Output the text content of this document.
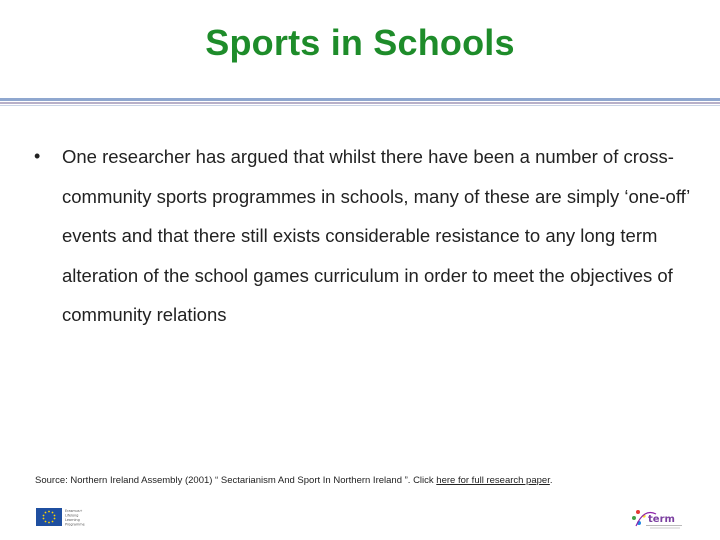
Sports in Schools
• One researcher has argued that whilst there have been a number of cross-community sports programmes in schools, many of these are simply ‘one-off’ events and that there still exists considerable resistance to any long term alteration of the school games curriculum in order to meet the objectives of community relations
Source: Northern Ireland Assembly (2001) “ Sectarianism And Sport In Northern Ireland ”. Click here for full research paper.
Erasmus+
Lifelong
Learning
Programme	term
